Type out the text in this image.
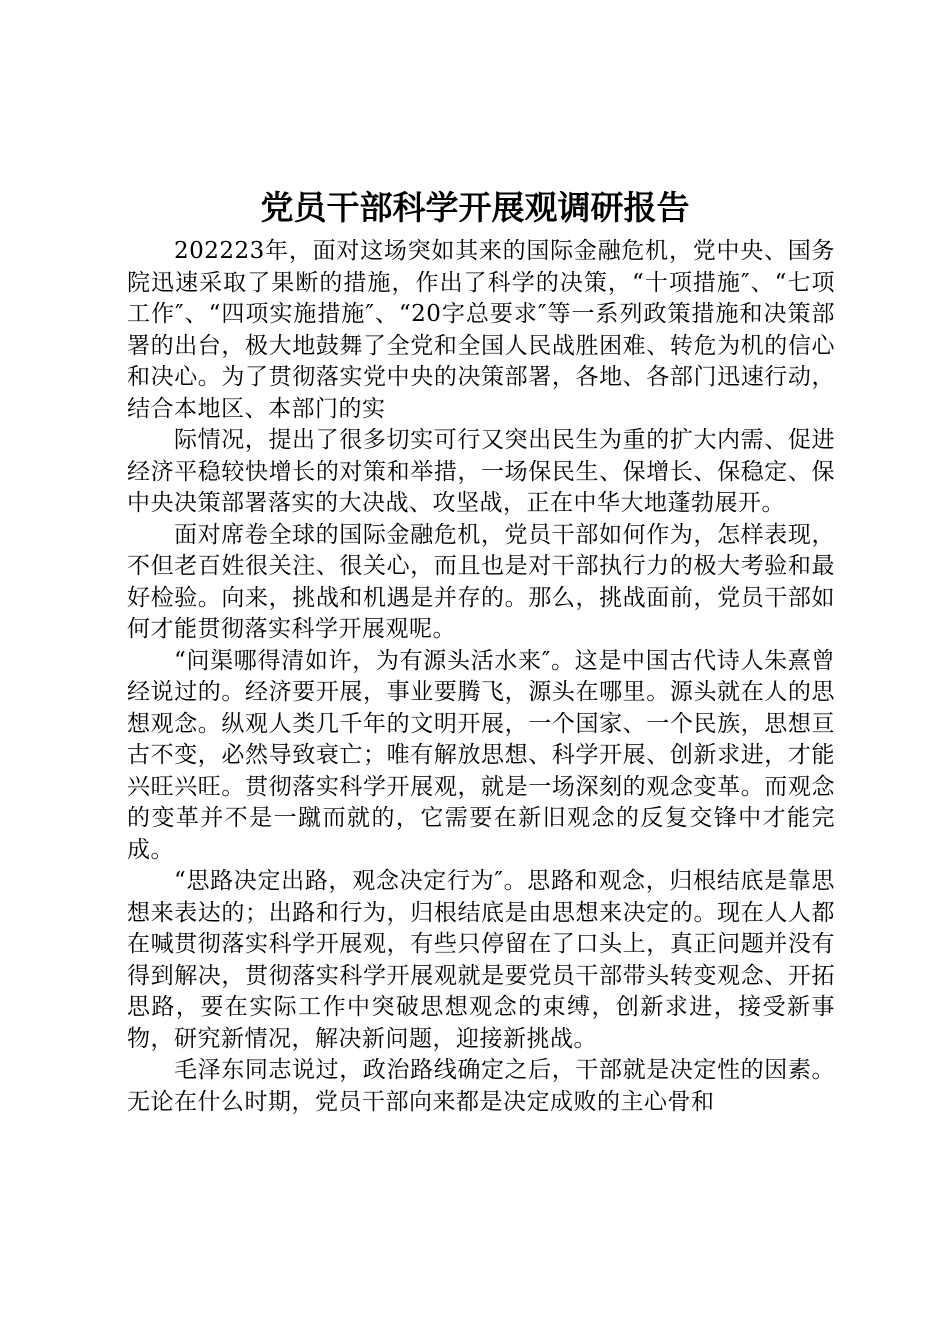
党员干部科学开展观调研报告

202223年，面对这场突如其来的国际金融危机，党中央、国务院迅速采取了果断的措施，作出了科学的决策，“十项措施″、“七项工作″、“四项实施措施″、“20字总要求″等一系列政策措施和决策部署的出台，极大地鼓舞了全党和全国人民战胜困难、转危为机的信心和决心。为了贯彻落实党中央的决策部署，各地、各部门迅速行动，结合本地区、本部门的实

际情况，提出了很多切实可行又突出民生为重的扩大内需、促进经济平稳较快增长的对策和举措，一场保民生、保增长、保稳定、保中央决策部署落实的大决战、攻坚战，正在中华大地蓬勃展开。

面对席卷全球的国际金融危机，党员干部如何作为，怎样表现，不但老百姓很关注、很关心，而且也是对干部执行力的极大考验和最好检验。向来，挑战和机遇是并存的。那么，挑战面前，党员干部如何才能贯彻落实科学开展观呢。

“问渠哪得清如许，为有源头活水来″。这是中国古代诗人朱熹曾经说过的。经济要开展，事业要腾飞，源头在哪里。源头就在人的思想观念。纵观人类几千年的文明开展，一个国家、一个民族，思想亘古不变，必然导致衰亡；唯有解放思想、科学开展、创新求进，才能兴旺兴旺。贯彻落实科学开展观，就是一场深刻的观念变革。而观念的变革并不是一蹴而就的，它需要在新旧观念的反复交锋中才能完成。

“思路决定出路，观念决定行为″。思路和观念，归根结底是靠思想来表达的；出路和行为，归根结底是由思想来决定的。现在人人都在喊贯彻落实科学开展观，有些只停留在了口头上，真正问题并没有得到解决，贯彻落实科学开展观就是要党员干部带头转变观念、开拓思路，要在实际工作中突破思想观念的束缚，创新求进，接受新事物，研究新情况，解决新问题，迎接新挑战。

毛泽东同志说过，政治路线确定之后，干部就是决定性的因素。无论在什么时期，党员干部向来都是决定成败的主心骨和
